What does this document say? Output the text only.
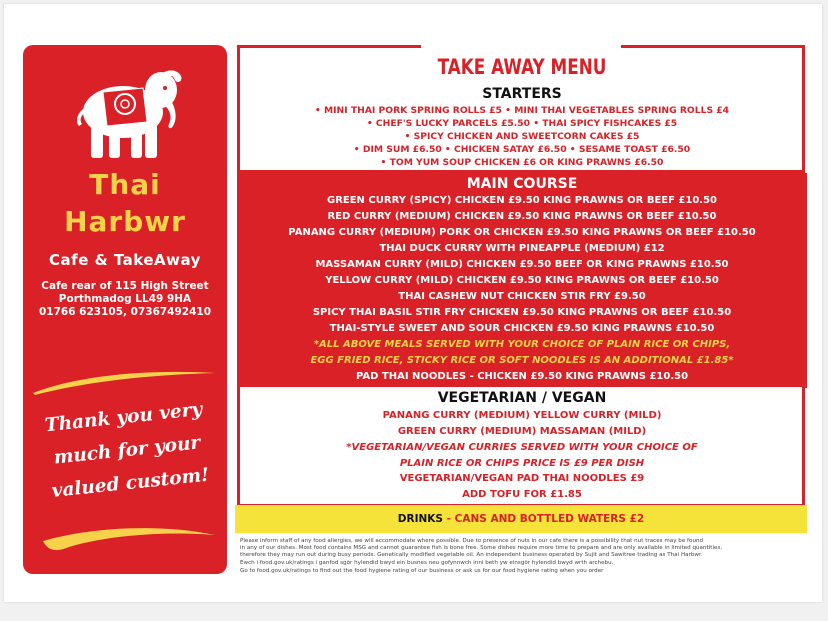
Thai
Harbwr
Cafe & TakeAway
Cafe rear of 115 High Street
Porthmadog LL49 9HA
01766 623105, 07367492410
Thank you very
much for your
valued custom!
TAKE AWAY MENU
STARTERS
• MINI THAI PORK SPRING ROLLS £5 • MINI THAI VEGETABLES SPRING ROLLS £4
• CHEF'S LUCKY PARCELS £5.50 • THAI SPICY FISHCAKES £5
• SPICY CHICKEN AND SWEETCORN CAKES £5
• DIM SUM £6.50 • CHICKEN SATAY £6.50 • SESAME TOAST £6.50
• TOM YUM SOUP CHICKEN £6 OR KING PRAWNS £6.50
MAIN COURSE
GREEN CURRY (SPICY) CHICKEN £9.50 KING PRAWNS OR BEEF £10.50
RED CURRY (MEDIUM) CHICKEN £9.50 KING PRAWNS OR BEEF £10.50
PANANG CURRY (MEDIUM) PORK OR CHICKEN £9.50 KING PRAWNS OR BEEF £10.50
THAI DUCK CURRY WITH PINEAPPLE (MEDIUM) £12
MASSAMAN CURRY (MILD) CHICKEN £9.50 BEEF OR KING PRAWNS £10.50
YELLOW CURRY (MILD) CHICKEN £9.50 KING PRAWNS OR BEEF £10.50
THAI CASHEW NUT CHICKEN STIR FRY £9.50
SPICY THAI BASIL STIR FRY CHICKEN £9.50 KING PRAWNS OR BEEF £10.50
THAI-STYLE SWEET AND SOUR CHICKEN £9.50 KING PRAWNS £10.50
*ALL ABOVE MEALS SERVED WITH YOUR CHOICE OF PLAIN RICE OR CHIPS,
EGG FRIED RICE, STICKY RICE OR SOFT NOODLES IS AN ADDITIONAL £1.85*
PAD THAI NOODLES - CHICKEN £9.50 KING PRAWNS £10.50
VEGETARIAN / VEGAN
PANANG CURRY (MEDIUM) YELLOW CURRY (MILD)
GREEN CURRY (MEDIUM) MASSAMAN (MILD)
*VEGETARIAN/VEGAN CURRIES SERVED WITH YOUR CHOICE OF
PLAIN RICE OR CHIPS PRICE IS £9 PER DISH
VEGETARIAN/VEGAN PAD THAI NOODLES £9
ADD TOFU FOR £1.85
DRINKS - CANS AND BOTTLED WATERS £2
Please inform staff of any food allergies, we will accommodate where possible. Due to presence of nuts in our cafe there is a possibility that nut traces may be found
in any of our dishes. Most food contains MSG and cannot guarantee fish is bone free. Some dishes require more time to prepare and are only available in limited quantities,
therefore they may run out during busy periods. Genetically modified vegetable oil. An independent business operated by Sujit and Sawitree trading as Thai Harbwr.
Ewch i food.gov.uk/ratings i ganfod sgôr hylendid bwyd ein busnes neu gofynnwch inni beth yw einsgôr hylendid bwyd wrth archebu.
Go to food.gov.uk/ratings to find out the food hygiene rating of our business or ask us for our food hygiene rating when you order
